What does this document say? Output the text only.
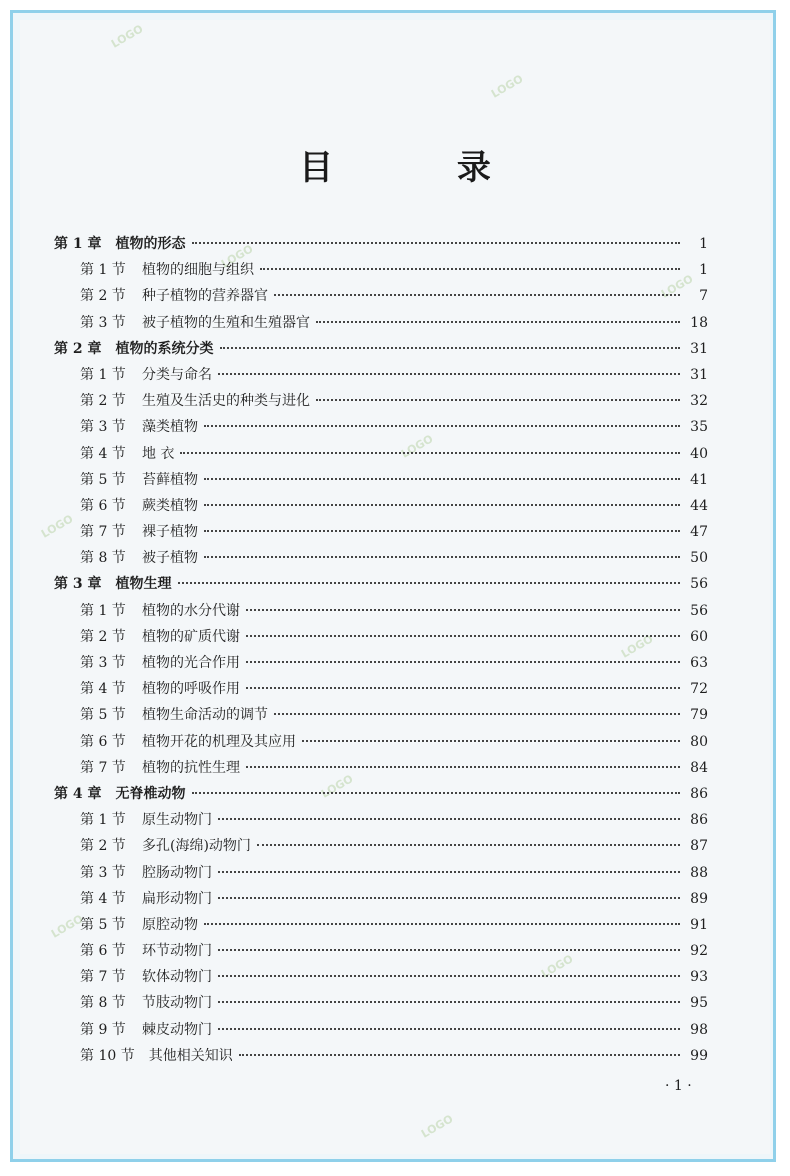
LOGO
LOGO
LOGO
LOGO
LOGO
LOGO
LOGO
LOGO
LOGO
LOGO
LOGO
目 录
第 1 章 植物的形态	1
第 1 节 植物的细胞与组织	1
第 2 节 种子植物的营养器官	7
第 3 节 被子植物的生殖和生殖器官	18
第 2 章 植物的系统分类	31
第 1 节 分类与命名	31
第 2 节 生殖及生活史的种类与进化	32
第 3 节 藻类植物	35
第 4 节 地 衣	40
第 5 节 苔藓植物	41
第 6 节 蕨类植物	44
第 7 节 裸子植物	47
第 8 节 被子植物	50
第 3 章 植物生理	56
第 1 节 植物的水分代谢	56
第 2 节 植物的矿质代谢	60
第 3 节 植物的光合作用	63
第 4 节 植物的呼吸作用	72
第 5 节 植物生命活动的调节	79
第 6 节 植物开花的机理及其应用	80
第 7 节 植物的抗性生理	84
第 4 章 无脊椎动物	86
第 1 节 原生动物门	86
第 2 节 多孔(海绵)动物门	87
第 3 节 腔肠动物门	88
第 4 节 扁形动物门	89
第 5 节 原腔动物	91
第 6 节 环节动物门	92
第 7 节 软体动物门	93
第 8 节 节肢动物门	95
第 9 节 棘皮动物门	98
第 10 节 其他相关知识	99
· 1 ·
